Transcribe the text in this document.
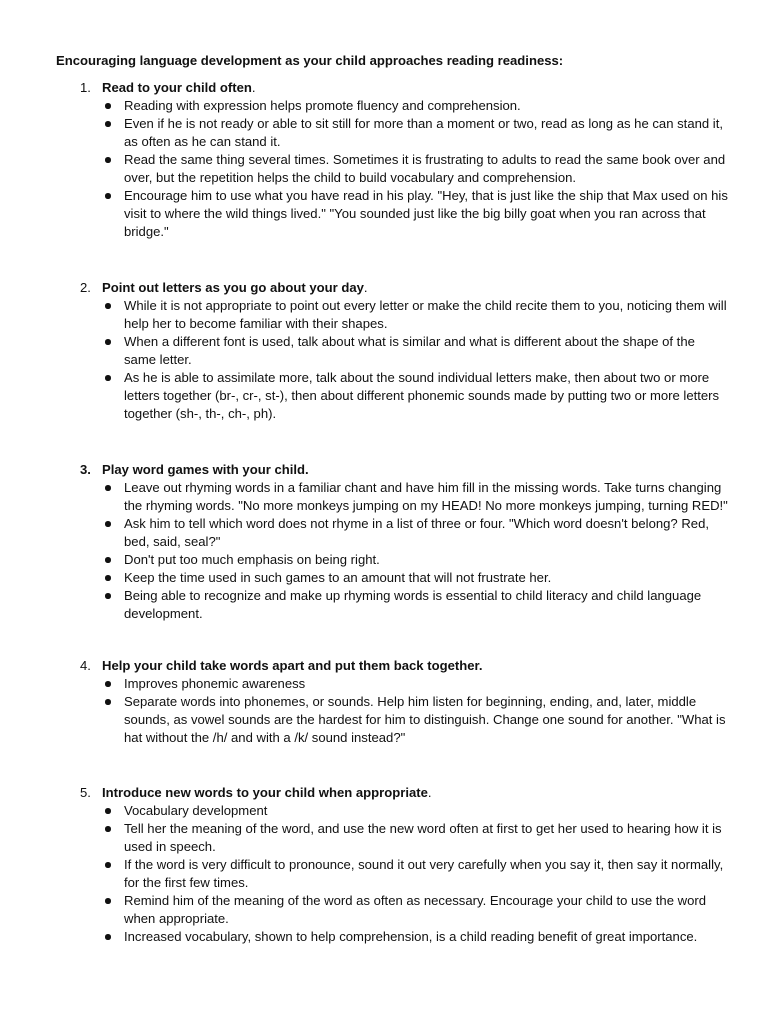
Encouraging language development as your child approaches reading readiness:
1. Read to your child often.
Reading with expression helps promote fluency and comprehension.
Even if he is not ready or able to sit still for more than a moment or two, read as long as he can stand it, as often as he can stand it.
Read the same thing several times. Sometimes it is frustrating to adults to read the same book over and over, but the repetition helps the child to build vocabulary and comprehension.
Encourage him to use what you have read in his play. "Hey, that is just like the ship that Max used on his visit to where the wild things lived." "You sounded just like the big billy goat when you ran across that bridge."
2. Point out letters as you go about your day.
While it is not appropriate to point out every letter or make the child recite them to you, noticing them will help her to become familiar with their shapes.
When a different font is used, talk about what is similar and what is different about the shape of the same letter.
As he is able to assimilate more, talk about the sound individual letters make, then about two or more letters together (br-, cr-, st-), then about different phonemic sounds made by putting two or more letters together (sh-, th-, ch-, ph).
3. Play word games with your child.
Leave out rhyming words in a familiar chant and have him fill in the missing words. Take turns changing the rhyming words. "No more monkeys jumping on my HEAD! No more monkeys jumping, turning RED!"
Ask him to tell which word does not rhyme in a list of three or four. "Which word doesn't belong? Red, bed, said, seal?"
Don't put too much emphasis on being right.
Keep the time used in such games to an amount that will not frustrate her.
Being able to recognize and make up rhyming words is essential to child literacy and child language development.
4. Help your child take words apart and put them back together.
Improves phonemic awareness
Separate words into phonemes, or sounds. Help him listen for beginning, ending, and, later, middle sounds, as vowel sounds are the hardest for him to distinguish. Change one sound for another. "What is hat without the /h/ and with a /k/ sound instead?"
5. Introduce new words to your child when appropriate.
Vocabulary development
Tell her the meaning of the word, and use the new word often at first to get her used to hearing how it is used in speech.
If the word is very difficult to pronounce, sound it out very carefully when you say it, then say it normally, for the first few times.
Remind him of the meaning of the word as often as necessary. Encourage your child to use the word when appropriate.
Increased vocabulary, shown to help comprehension, is a child reading benefit of great importance.
